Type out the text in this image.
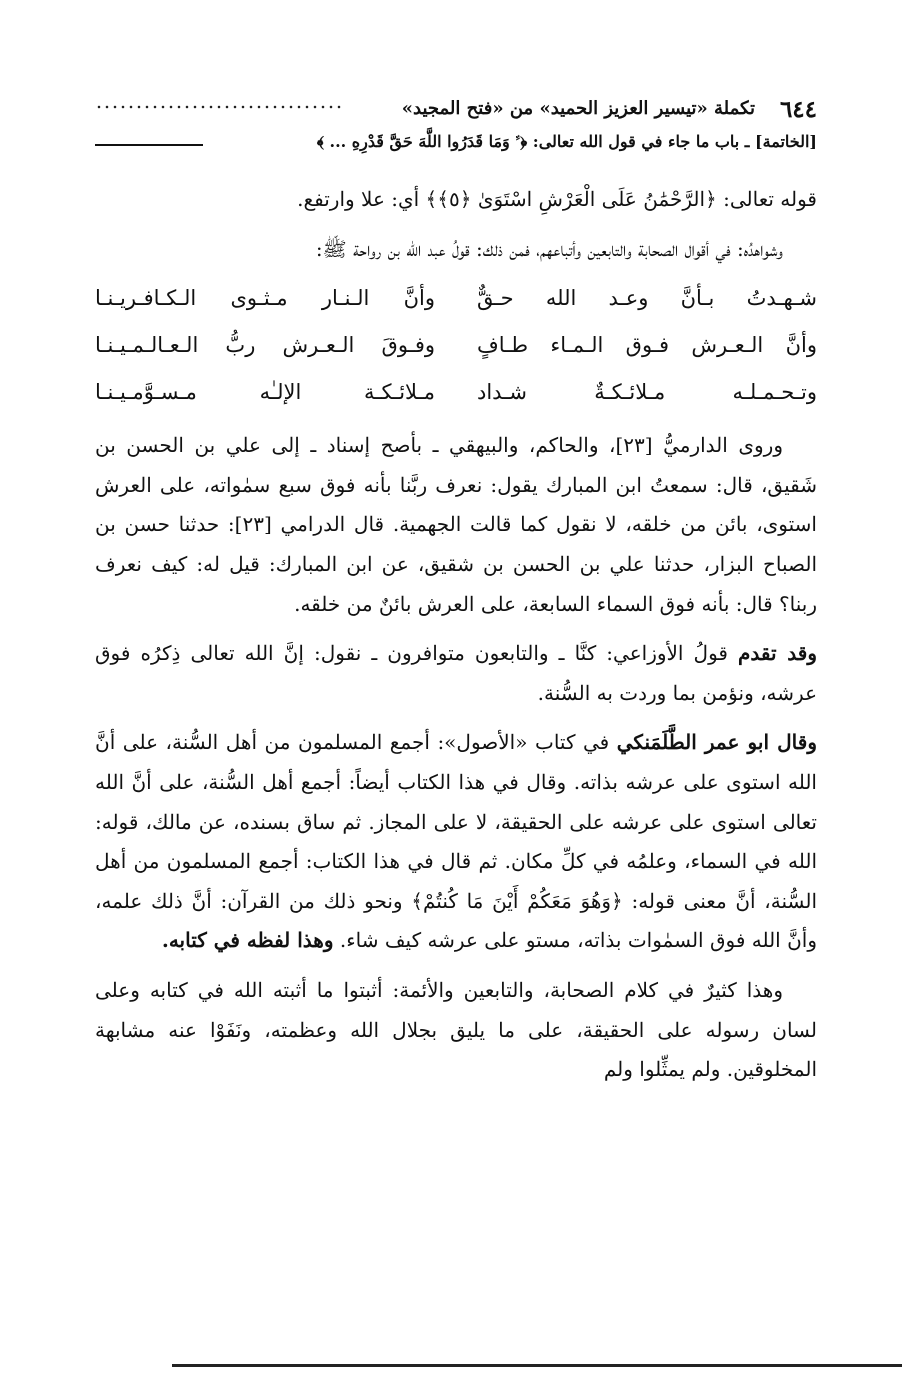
٦٤٤
تكملة «تيسير العزيز الحميد» من «فتح المجيد»
[الخاتمة] ـ باب ما جاء في قول الله تعالى: ﴿ﱢ وَمَا قَدَرُوا اللَّهَ حَقَّ قَدْرِهِ ... ﴾

قوله تعالى: ﴿الرَّحْمَٰنُ عَلَى الْعَرْشِ اسْتَوَىٰ ﴿٥﴾﴾ أي: علا وارتفع.

وشواهدُه: في أقوال الصحابة والتابعين وأتباعهم، فمن ذلك: قولُ عبد الله بن رواحة ﷺ:

شـهـدتُ بـأنَّ وعـد الله حـقٌّ
وأنَّ الـنـار مـثـوى الـكـافـريـنـا
وأنَّ الـعـرش فـوق الـمـاء طـافٍ
وفـوقَ الـعـرش ربُّ الـعـالـمـيـنـا
وتـحـمـلـه مـلائـكـةٌ شـداد
مـلائـكـة الإلـٰه مـسـوَّمـيـنـا

وروى الدارميُّ [٢٣]، والحاكم، والبيهقي ـ بأصح إسناد ـ إلى علي بن الحسن بن شَقيق، قال: سمعتُ ابن المبارك يقول: نعرف ربَّنا بأنه فوق سبع سمٰواته، على العرش استوى، بائن من خلقه، لا نقول كما قالت الجهمية. قال الدرامي [٢٣]: حدثنا حسن بن الصباح البزار، حدثنا علي بن الحسن بن شقيق، عن ابن المبارك: قيل له: كيف نعرف ربنا؟ قال: بأنه فوق السماء السابعة، على العرش بائنٌ من خلقه.

وقد تقدم قولُ الأوزاعي: كنَّا ـ والتابعون متوافرون ـ نقول: إنَّ الله تعالى ذِكرُه فوق عرشه، ونؤمن بما وردت به السُّنة.

وقال ابو عمر الطَّلَمَنكي في كتاب «الأصول»: أجمع المسلمون من أهل السُّنة، على أنَّ الله استوى على عرشه بذاته. وقال في هذا الكتاب أيضاً: أجمع أهل السُّنة، على أنَّ الله تعالى استوى على عرشه على الحقيقة، لا على المجاز. ثم ساق بسنده، عن مالك، قوله: الله في السماء، وعلمُه في كلِّ مكان. ثم قال في هذا الكتاب: أجمع المسلمون من أهل السُّنة، أنَّ معنى قوله: ﴿وَهُوَ مَعَكُمْ أَيْنَ مَا كُنتُمْ﴾ ونحو ذلك من القرآن: أنَّ ذلك علمه، وأنَّ الله فوق السمٰوات بذاته، مستو على عرشه كيف شاء. وهذا لفظه في كتابه.

وهذا كثيرٌ في كلام الصحابة، والتابعين والأئمة: أثبتوا ما أثبته الله في كتابه وعلى لسان رسوله على الحقيقة، على ما يليق بجلال الله وعظمته، ونَفَوْا عنه مشابهة المخلوقين. ولم يمثِّلوا ولم
